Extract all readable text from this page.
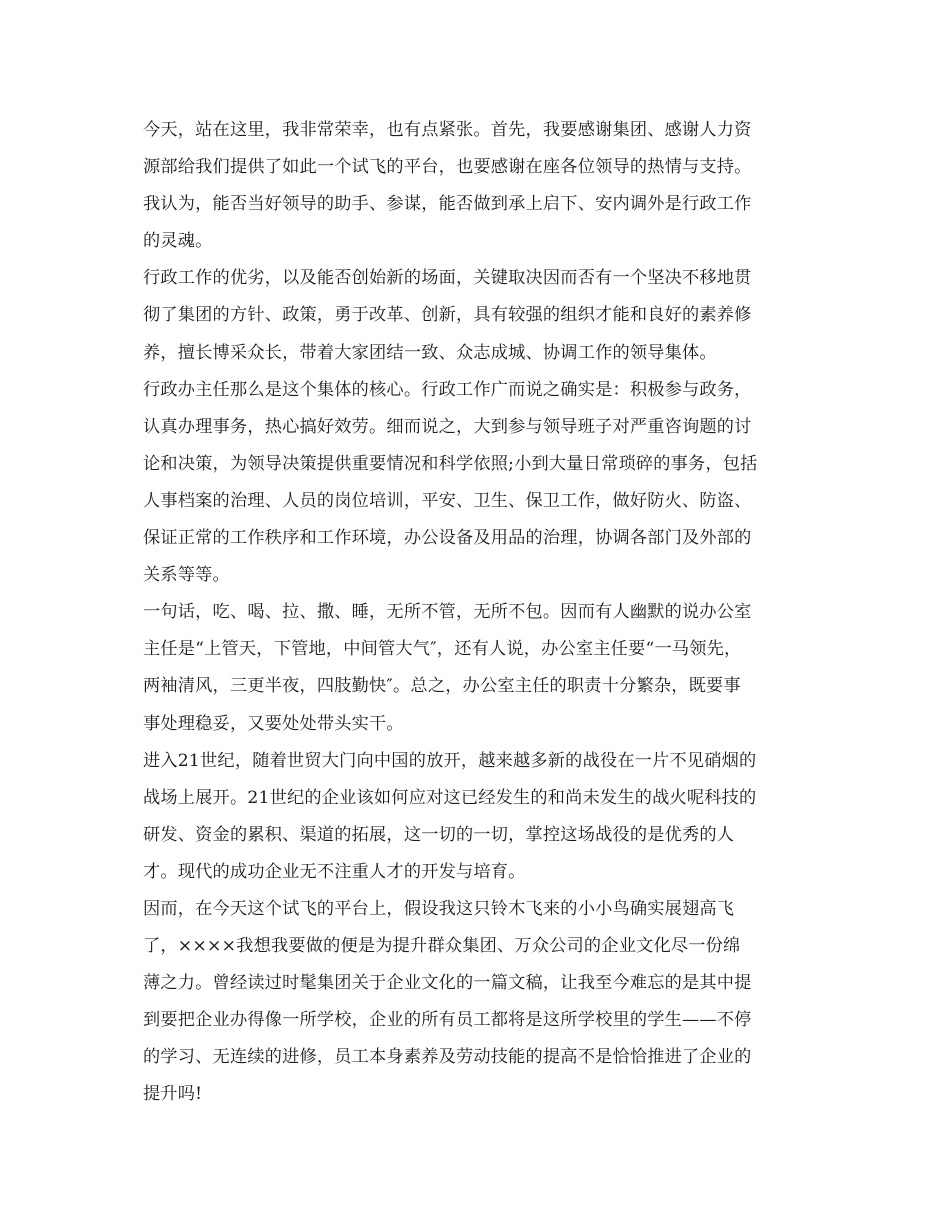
今天，站在这里，我非常荣幸，也有点紧张。首先，我要感谢集团、感谢人力资
源部给我们提供了如此一个试飞的平台，也要感谢在座各位领导的热情与支持。
我认为，能否当好领导的助手、参谋，能否做到承上启下、安内调外是行政工作
的灵魂。

行政工作的优劣，以及能否创始新的场面，关键取决因而否有一个坚决不移地贯
彻了集团的方针、政策，勇于改革、创新，具有较强的组织才能和良好的素养修
养，擅长博采众长，带着大家团结一致、众志成城、协调工作的领导集体。

行政办主任那么是这个集体的核心。行政工作广而说之确实是：积极参与政务，
认真办理事务，热心搞好效劳。细而说之，大到参与领导班子对严重咨询题的讨
论和决策，为领导决策提供重要情况和科学依照;小到大量日常琐碎的事务，包括
人事档案的治理、人员的岗位培训，平安、卫生、保卫工作，做好防火、防盗、
保证正常的工作秩序和工作环境，办公设备及用品的治理，协调各部门及外部的
关系等等。

一句话，吃、喝、拉、撒、睡，无所不管，无所不包。因而有人幽默的说办公室
主任是“上管天，下管地，中间管大气″，还有人说，办公室主任要“一马领先，
两袖清风，三更半夜，四肢勤快″。总之，办公室主任的职责十分繁杂，既要事
事处理稳妥，又要处处带头实干。

进入21世纪，随着世贸大门向中国的放开，越来越多新的战役在一片不见硝烟的
战场上展开。21世纪的企业该如何应对这已经发生的和尚未发生的战火呢科技的
研发、资金的累积、渠道的拓展，这一切的一切，掌控这场战役的是优秀的人
才。现代的成功企业无不注重人才的开发与培育。

因而，在今天这个试飞的平台上，假设我这只铃木飞来的小小鸟确实展翅高飞
了，××××我想我要做的便是为提升群众集团、万众公司的企业文化尽一份绵
薄之力。曾经读过时髦集团关于企业文化的一篇文稿，让我至今难忘的是其中提
到要把企业办得像一所学校，企业的所有员工都将是这所学校里的学生——不停
的学习、无连续的进修，员工本身素养及劳动技能的提高不是恰恰推进了企业的
提升吗!
